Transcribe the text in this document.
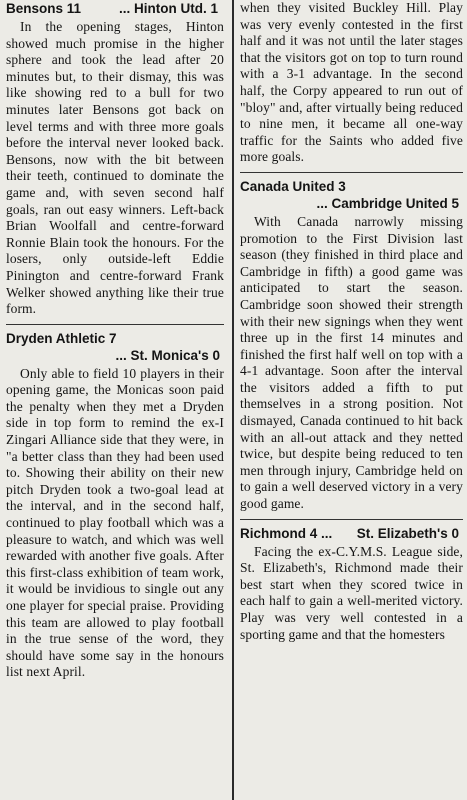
Bensons 11	... Hinton Utd. 1

In the opening stages, Hinton showed much promise in the higher sphere and took the lead after 20 minutes but, to their dismay, this was like showing red to a bull for two minutes later Bensons got back on level terms and with three more goals before the interval never looked back. Bensons, now with the bit between their teeth, continued to dominate the game and, with seven second half goals, ran out easy winners. Left-back Brian Woolfall and centre-forward Ronnie Blain took the honours. For the losers, only outside-left Eddie Pinington and centre-forward Frank Welker showed anything like their true form.

Dryden Athletic 7
... St. Monica's 0

Only able to field 10 players in their opening game, the Monicas soon paid the penalty when they met a Dryden side in top form to remind the ex-I Zingari Alliance side that they were, in "a better class than they had been used to. Showing their ability on their new pitch Dryden took a two-goal lead at the interval, and in the second half, continued to play football which was a pleasure to watch, and which was well rewarded with another five goals. After this first-class exhibition of team work, it would be invidious to single out any one player for special praise. Providing this team are allowed to play football in the true sense of the word, they should have some say in the honours list next April.

when they visited Buckley Hill. Play was very evenly contested in the first half and it was not until the later stages that the visitors got on top to turn round with a 3-1 advantage. In the second half, the Corpy appeared to run out of "bloy" and, after virtually being reduced to nine men, it became all one-way traffic for the Saints who added five more goals.

Canada United 3
... Cambridge United 5

With Canada narrowly missing promotion to the First Division last season (they finished in third place and Cambridge in fifth) a good game was anticipated to start the season. Cambridge soon showed their strength with their new signings when they went three up in the first 14 minutes and finished the first half well on top with a 4-1 advantage. Soon after the interval the visitors added a fifth to put themselves in a strong position. Not dismayed, Canada continued to hit back with an all-out attack and they netted twice, but despite being reduced to ten men through injury, Cambridge held on to gain a well deserved victory in a very good game.

Richmond 4 ... St. Elizabeth's 0

Facing the ex-C.Y.M.S. League side, St. Elizabeth's, Richmond made their best start when they scored twice in each half to gain a well-merited victory. Play was very well contested in a sporting game and that the homesters
